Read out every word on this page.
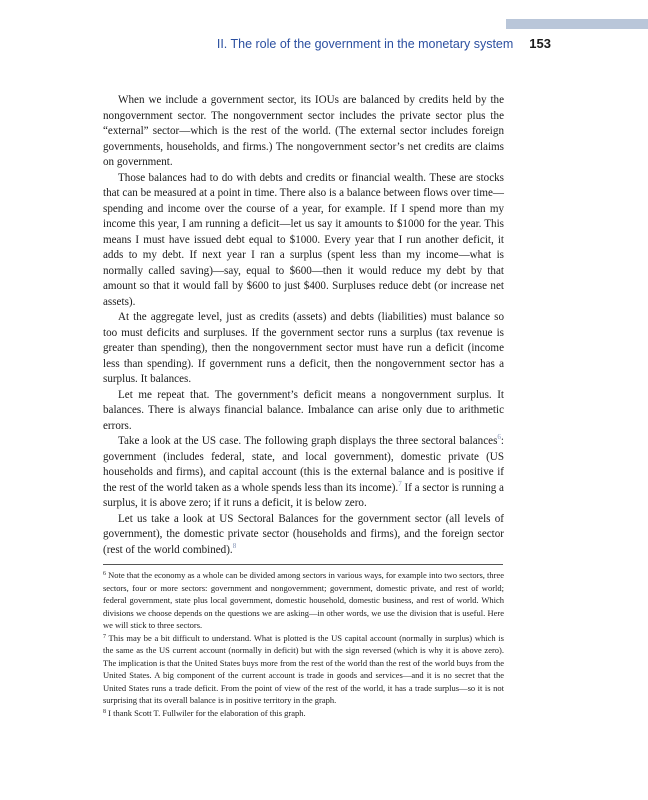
II. The role of the government in the monetary system 153

When we include a government sector, its IOUs are balanced by credits held by the nongovernment sector. The nongovernment sector includes the private sector plus the “external” sector—which is the rest of the world. (The external sector includes foreign governments, households, and firms.) The nongovernment sector’s net credits are claims on government.

Those balances had to do with debts and credits or financial wealth. These are stocks that can be measured at a point in time. There also is a balance between flows over time—spending and income over the course of a year, for example. If I spend more than my income this year, I am running a deficit—let us say it amounts to $1000 for the year. This means I must have issued debt equal to $1000. Every year that I run another deficit, it adds to my debt. If next year I ran a surplus (spent less than my income—what is normally called saving)—say, equal to $600—then it would reduce my debt by that amount so that it would fall by $600 to just $400. Surpluses reduce debt (or increase net assets).

At the aggregate level, just as credits (assets) and debts (liabilities) must balance so too must deficits and surpluses. If the government sector runs a surplus (tax revenue is greater than spending), then the nongovernment sector must have run a deficit (income less than spending). If government runs a deficit, then the nongovernment sector has a surplus. It balances.

Let me repeat that. The government’s deficit means a nongovernment surplus. It balances. There is always financial balance. Imbalance can arise only due to arithmetic errors.

Take a look at the US case. The following graph displays the three sectoral balances$^6$: government (includes federal, state, and local government), domestic private (US households and firms), and capital account (this is the external balance and is positive if the rest of the world taken as a whole spends less than its income).$^7$ If a sector is running a surplus, it is above zero; if it runs a deficit, it is below zero.

Let us take a look at US Sectoral Balances for the government sector (all levels of government), the domestic private sector (households and firms), and the foreign sector (rest of the world combined).$^8$

$^6$ Note that the economy as a whole can be divided among sectors in various ways, for example into two sectors, three sectors, four or more sectors: government and nongovernment; government, domestic private, and rest of world; federal government, state plus local government, domestic household, domestic business, and rest of world. Which divisions we choose depends on the questions we are asking—in other words, we use the division that is useful. Here we will stick to three sectors.

$^7$ This may be a bit difficult to understand. What is plotted is the US capital account (normally in surplus) which is the same as the US current account (normally in deficit) but with the sign reversed (which is why it is above zero). The implication is that the United States buys more from the rest of the world than the rest of the world buys from the United States. A big component of the current account is trade in goods and services—and it is no secret that the United States runs a trade deficit. From the point of view of the rest of the world, it has a trade surplus—so it is not surprising that its overall balance is in positive territory in the graph.

$^8$ I thank Scott T. Fullwiler for the elaboration of this graph.
